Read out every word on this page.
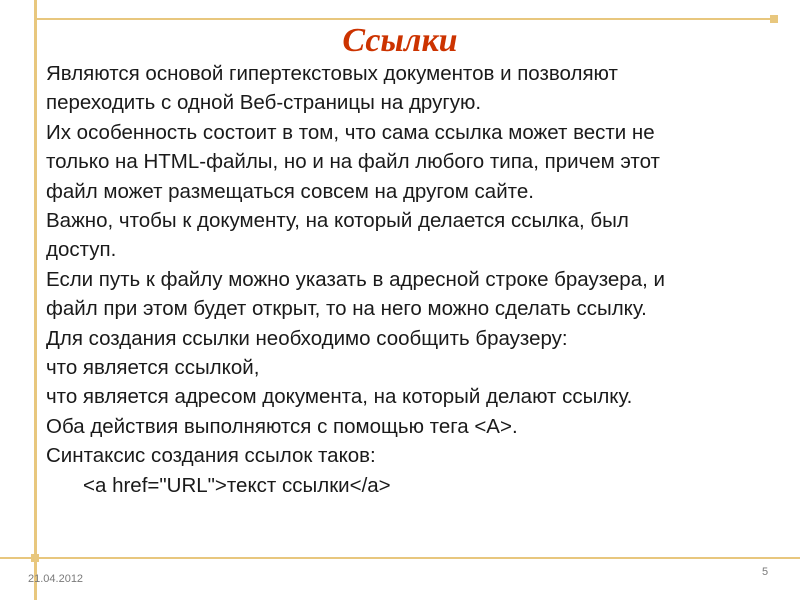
Ссылки
Являются основой гипертекстовых документов и позволяют
переходить с одной Веб-страницы на другую.
Их особенность состоит в том, что сама ссылка может вести не
только на HTML-файлы, но и на файл любого типа, причем этот
файл может размещаться совсем на другом сайте.
Важно, чтобы к документу, на который делается ссылка, был
доступ.
Если путь к файлу можно указать в адресной строке браузера, и
файл при этом будет открыт, то на него можно сделать ссылку.
Для создания ссылки необходимо сообщить браузеру:
что является ссылкой,
что является адресом документа, на который делают ссылку.
Оба действия выполняются с помощью тега <A>.
Синтаксис создания ссылок таков:
<a href="URL">текст ссылки</a>
21.04.2012
5
